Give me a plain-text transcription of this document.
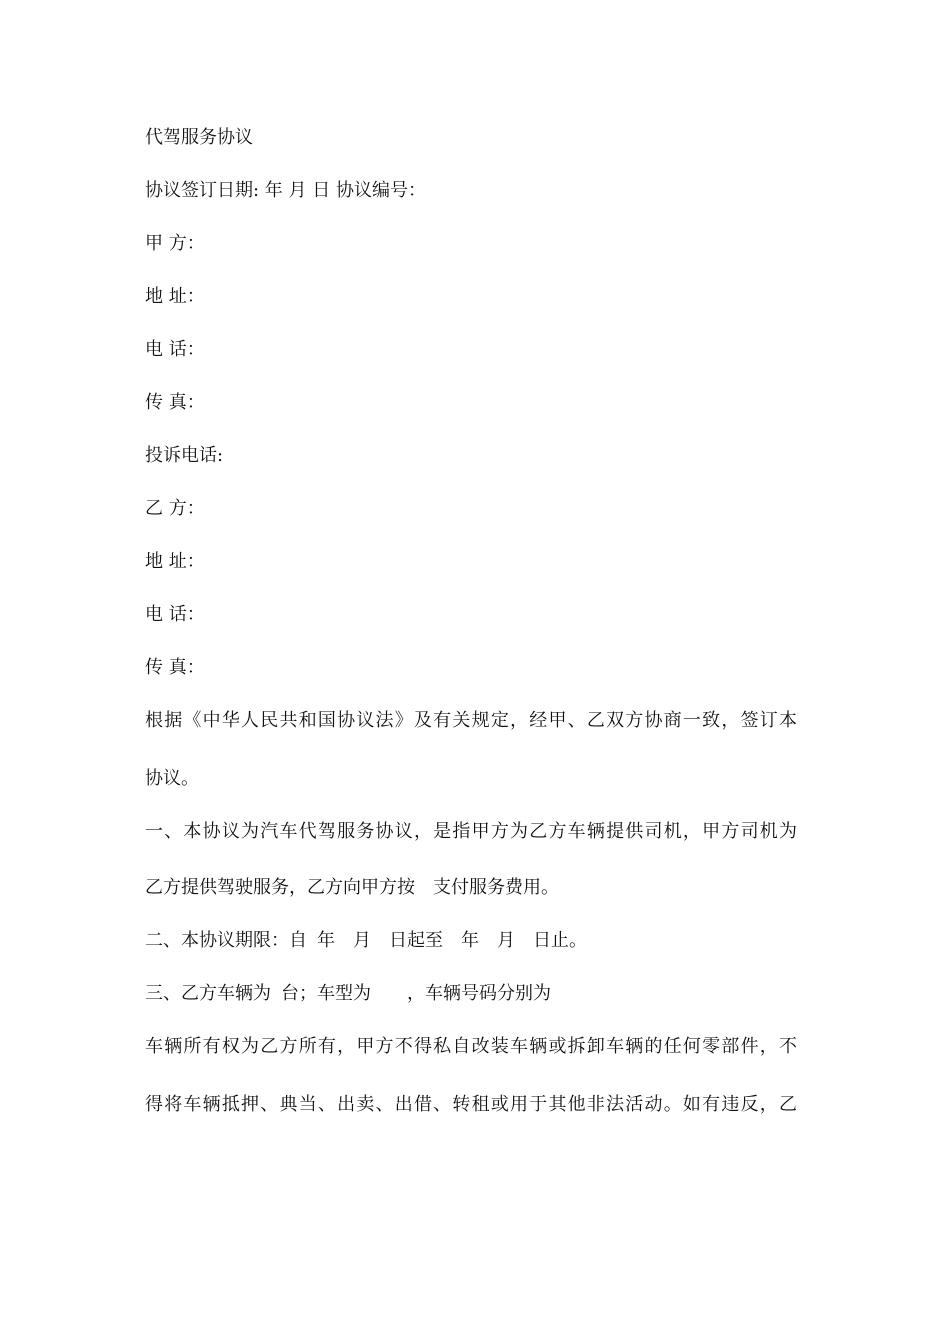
代驾服务协议
协议签订日期: 年 月 日 协议编号：
甲 方：
地 址：
电 话：
传 真：
投诉电话:
乙 方：
地 址：
电 话：
传 真：
根据《中华人民共和国协议法》及有关规定，经甲、乙双方协商一致，签订本
协议。
一、本协议为汽车代驾服务协议，是指甲方为乙方车辆提供司机，甲方司机为
乙方提供驾驶服务，乙方向甲方按 支付服务费用。
二、本协议期限：自 年 月 日起至 年 月 日止。
三、乙方车辆为 台；车型为 ，车辆号码分别为
车辆所有权为乙方所有，甲方不得私自改装车辆或拆卸车辆的任何零部件，不
得将车辆抵押、典当、出卖、出借、转租或用于其他非法活动。如有违反，乙
